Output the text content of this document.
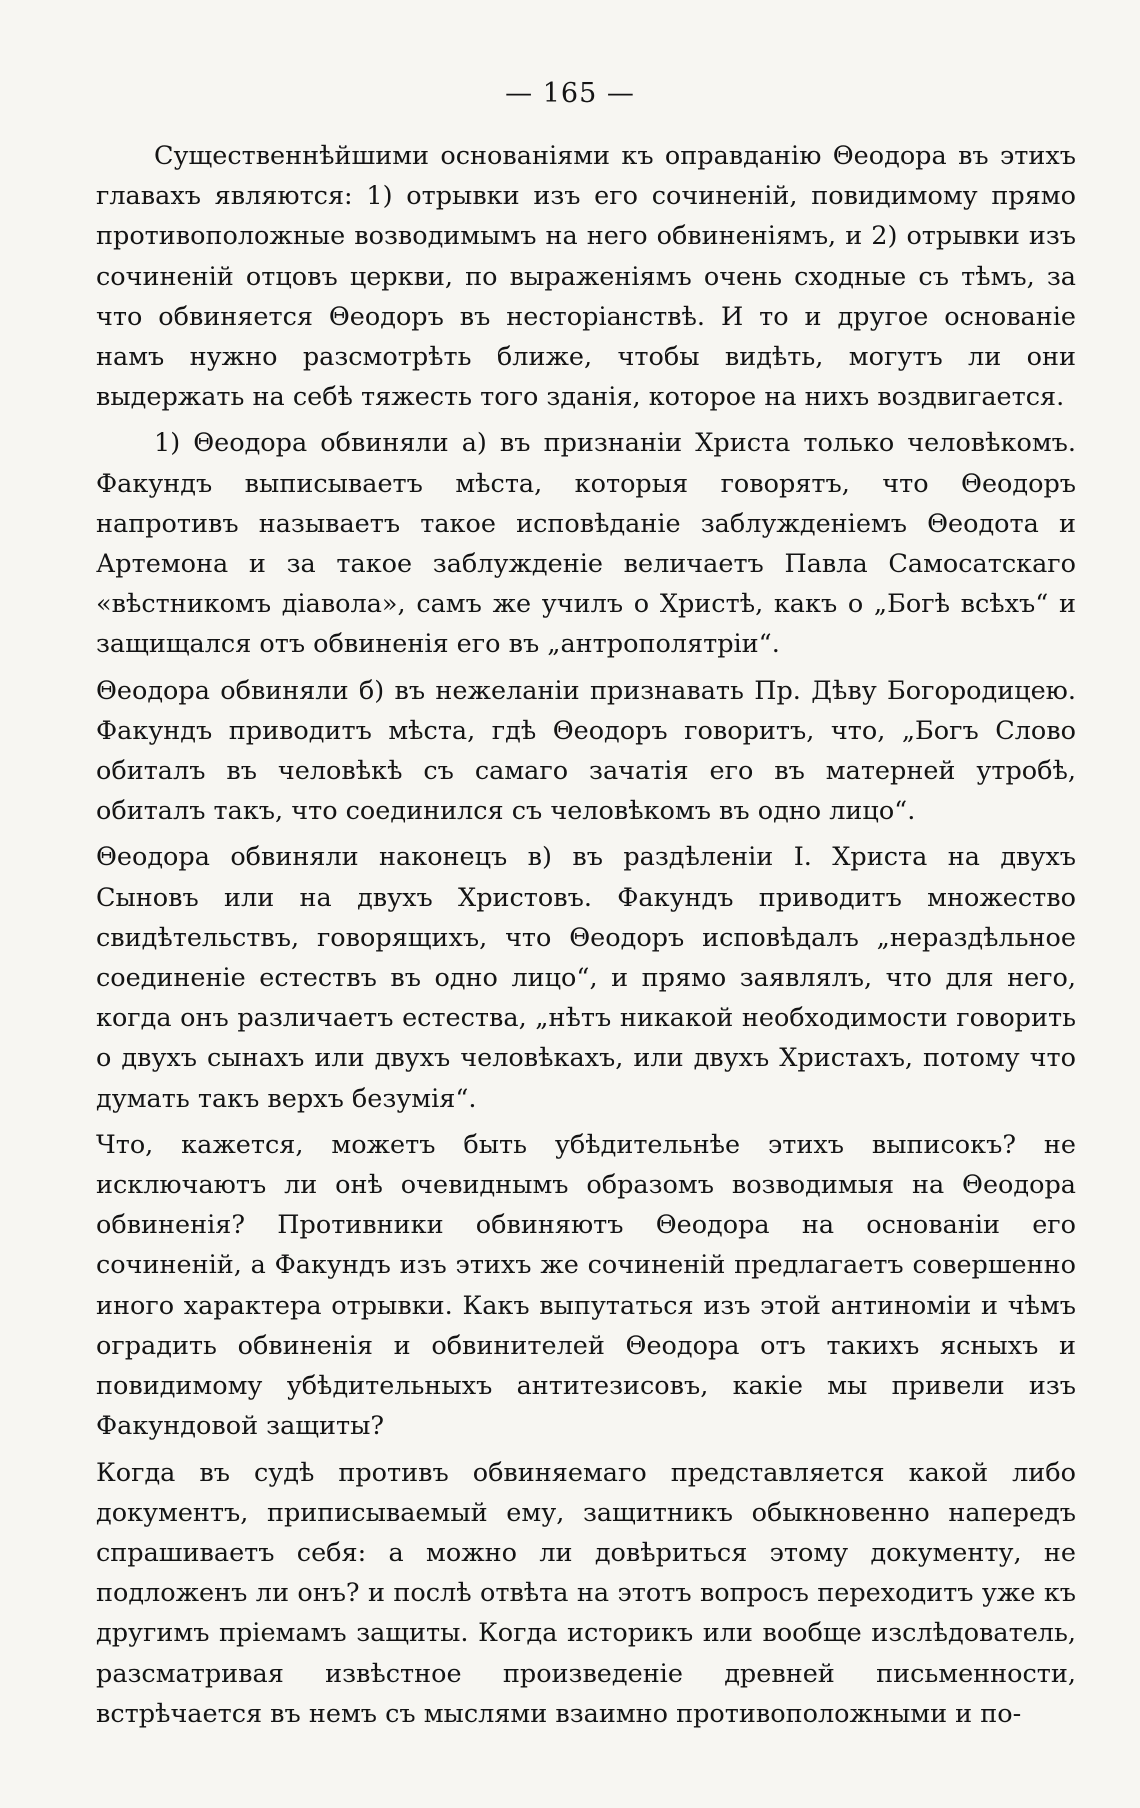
— 165 —

Существеннѣйшими основаніями къ оправданію Θеодора въ этихъ главахъ являются: 1) отрывки изъ его сочиненій, повидимому прямо противоположные возводимымъ на него обвиненіямъ, и 2) отрывки изъ сочиненій отцовъ церкви, по выраженіямъ очень сходные съ тѣмъ, за что обвиняется Θеодоръ въ несторіанствѣ. И то и другое основаніе намъ нужно разсмотрѣть ближе, чтобы видѣть, могутъ ли они выдержать на себѣ тяжесть того зданія, которое на нихъ воздвигается.

1) Θеодора обвиняли а) въ признаніи Христа только человѣкомъ. Факундъ выписываетъ мѣста, которыя говорятъ, что Θеодоръ напротивъ называетъ такое исповѣданіе заблужденіемъ Θеодота и Артемона и за такое заблужденіе величаетъ Павла Самосатскаго «вѣстникомъ діавола», самъ же училъ о Христѣ, какъ о „Богѣ всѣхъ“ и защищался отъ обвиненія его въ „антрополятріи“.

Θеодора обвиняли б) въ нежеланіи признавать Пр. Дѣву Богородицею. Факундъ приводитъ мѣста, гдѣ Θеодоръ говоритъ, что, „Богъ Слово обиталъ въ человѣкѣ съ самаго зачатія его въ матерней утробѣ, обиталъ такъ, что соединился съ человѣкомъ въ одно лицо“.

Θеодора обвиняли наконецъ в) въ раздѣленіи I. Христа на двухъ Сыновъ или на двухъ Христовъ. Факундъ приводитъ множество свидѣтельствъ, говорящихъ, что Θеодоръ исповѣдалъ „нераздѣльное соединеніе естествъ въ одно лицо“, и прямо заявлялъ, что для него, когда онъ различаетъ естества, „нѣтъ никакой необходимости говорить о двухъ сынахъ или двухъ человѣкахъ, или двухъ Христахъ, потому что думать такъ верхъ безумія“.

Что, кажется, можетъ быть убѣдительнѣе этихъ выписокъ? не исключаютъ ли онѣ очевиднымъ образомъ возводимыя на Θеодора обвиненія? Противники обвиняютъ Θеодора на основаніи его сочиненій, а Факундъ изъ этихъ же сочиненій предлагаетъ совершенно иного характера отрывки. Какъ выпутаться изъ этой антиноміи и чѣмъ оградить обвиненія и обвинителей Θеодора отъ такихъ ясныхъ и повидимому убѣдительныхъ антитезисовъ, какіе мы привели изъ Факундовой защиты?

Когда въ судѣ противъ обвиняемаго представляется какой либо документъ, приписываемый ему, защитникъ обыкновенно напередъ спрашиваетъ себя: а можно ли довѣриться этому документу, не подложенъ ли онъ? и послѣ отвѣта на этотъ вопросъ переходитъ уже къ другимъ пріемамъ защиты. Когда историкъ или вообще изслѣдователь, разсматривая извѣстное произведеніе древней письменности, встрѣчается въ немъ съ мыслями взаимно противоположными и по-
